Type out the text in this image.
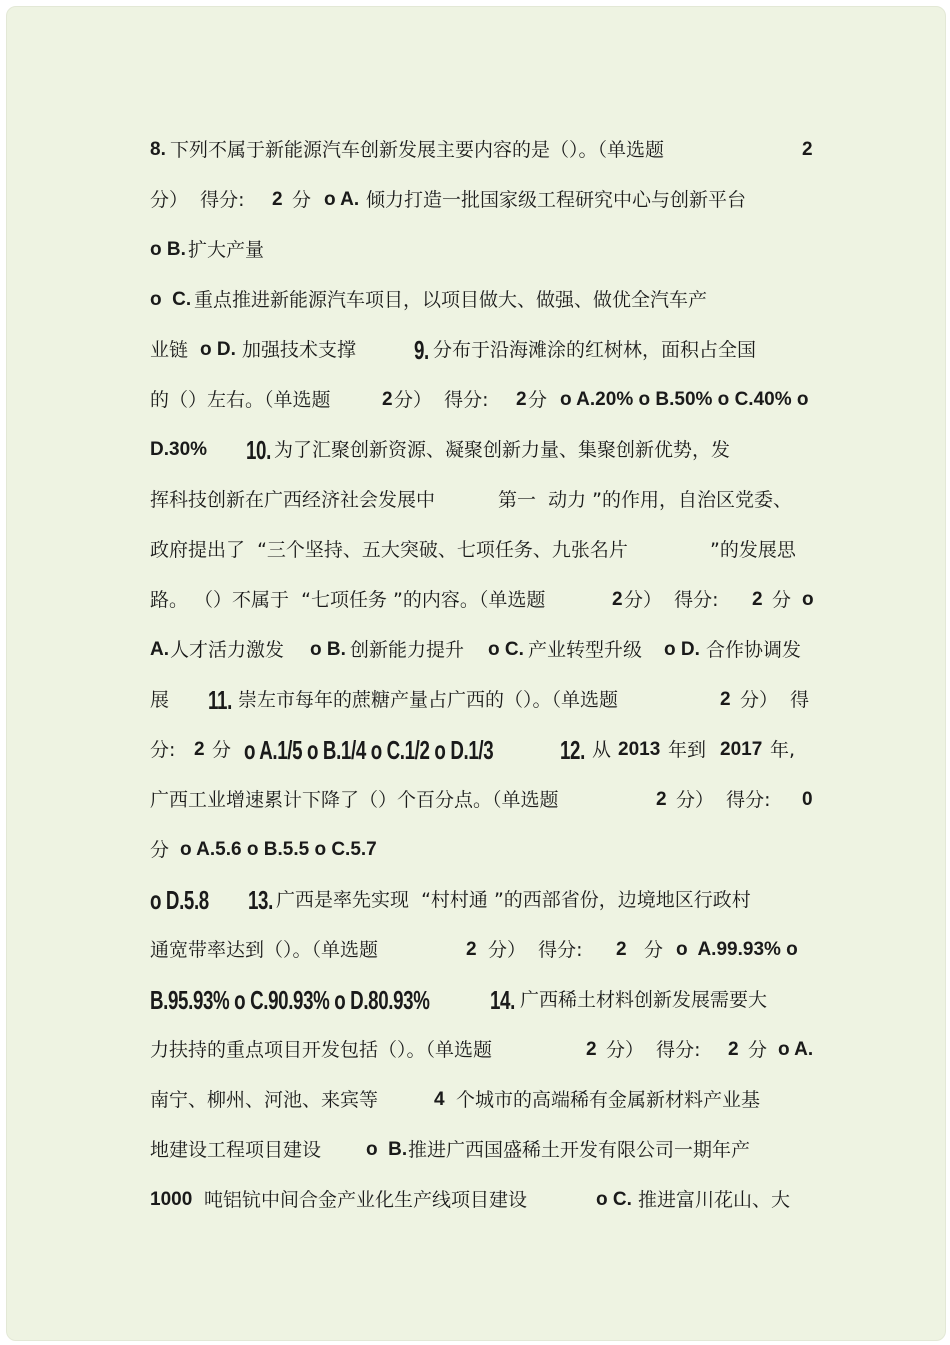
8. 下列不属于新能源汽车创新发展主要内容的是（）。（单选题	2
分）  得分: 2 分 o A. 倾力打造一批国家级工程研究中心与创新平台
o B. 扩大产量
o  C. 重点推进新能源汽车项目，以项目做大、做强、做优全汽车产
业链 o D. 加强技术支撑 9. 分布于沿海滩涂的红树林，面积占全国
的（）左右。（单选题	2 分）  得分: 2 分 o A.20% o B.50% o C.40% o
D.30% 10. 为了汇聚创新资源、凝聚创新力量、集聚创新优势，发
挥科技创新在广西经济社会发展中	第一  动力 ”的作用，自治区党委、
政府提出了  “三个坚持、五大突破、七项任务、九张名片	”的发展思
路。 （）不属于  “七项任务 ”的内容。（单选题	2 分）  得分: 2 分 o
A. 人才活力激发 o B. 创新能力提升 o C. 产业转型升级 o D. 合作协调发
展 11. 崇左市每年的蔗糖产量占广西的（）。（单选题	2 分）  得
分: 2 分 o A.1/5 o B.1/4 o C.1/2 o D.1/3	12. 从 2013 年到 2017 年,
广西工业增速累计下降了（）个百分点。（单选题	2 分）  得分: 0
分 o A.5.6 o B.5.5 o C.5.7
o D.5.8 13. 广西是率先实现  “村村通 ”的西部省份，边境地区行政村
通宽带率达到（）。（单选题	2 分）  得分: 2 分 o  A.99.93% o
B.95.93% o C.90.93% o D.80.93% 14. 广西稀土材料创新发展需要大
力扶持的重点项目开发包括（）。（单选题	2 分）  得分: 2 分 o A.
南宁、柳州、河池、来宾等	4 个城市的高端稀有金属新材料产业基
地建设工程项目建设 o  B. 推进广西国盛稀土开发有限公司一期年产
1000 吨铝钪中间合金产业化生产线项目建设	o C. 推进富川花山、大
